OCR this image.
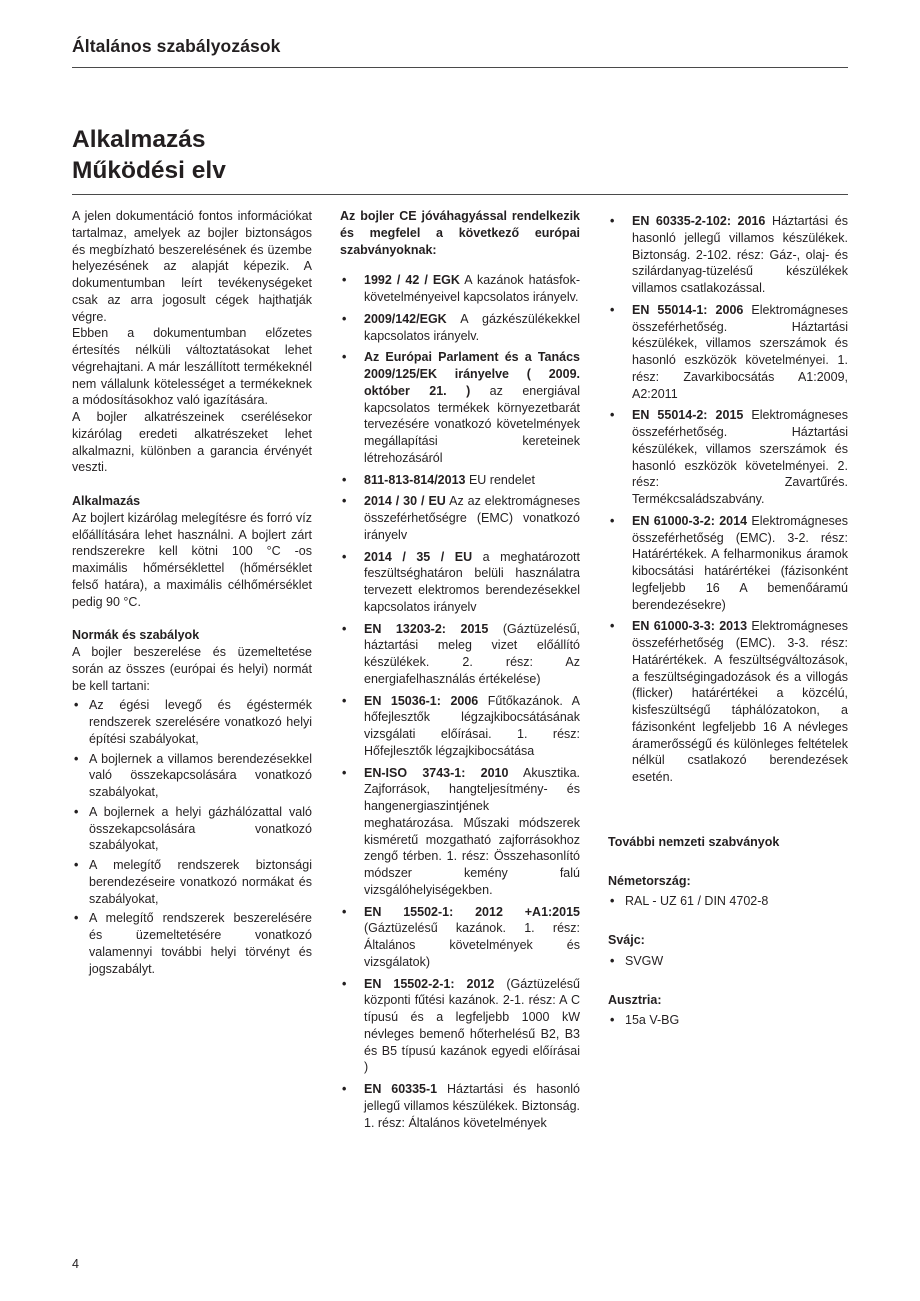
Általános szabályozások
Alkalmazás
Működési elv

A jelen dokumentáció fontos információkat tartalmaz, amelyek az bojler biztonságos és megbízható beszerelésének és üzembe helyezésének az alapját képezik. A dokumentumban leírt tevékenységeket csak az arra jogosult cégek hajthatják végre.

Ebben a dokumentumban előzetes értesítés nélküli változtatásokat lehet végrehajtani. A már leszállított termékeknél nem vállalunk kötelességet a termékeknek a módosításokhoz való igazítására.

A bojler alkatrészeinek cserélésekor kizárólag eredeti alkatrészeket lehet alkalmazni, különben a garancia érvényét veszti.

Alkalmazás

Az bojlert kizárólag melegítésre és forró víz előállítására lehet használni. A bojlert zárt rendszerekre kell kötni 100 °C -os maximális hőmérséklettel (hőmérséklet felső határa), a maximális célhőmérséklet pedig 90 °C.

Normák és szabályok

A bojler beszerelése és üzemeltetése során az összes (európai és helyi) normát be kell tartani:

• Az égési levegő és égéstermék rendszerek szerelésére vonatkozó helyi építési szabályokat,
• A bojlernek a villamos berendezésekkel való összekapcsolására vonatkozó szabályokat,
• A bojlernek a helyi gázhálózattal való összekapcsolására vonatkozó szabályokat,
• A melegítő rendszerek biztonsági berendezéseire vonatkozó normákat és szabályokat,
• A melegítő rendszerek beszerelésére és üzemeltetésére vonatkozó valamennyi további helyi törvényt és jogszabályt.

Az bojler CE jóváhagyással rendelkezik és megfelel a következő európai szabványoknak:

• 1992 / 42 / EGK A kazánok hatásfok-követelményeivel kapcsolatos irányelv.
• 2009/142/EGK A gázkészülékekkel kapcsolatos irányelv.
• Az Európai Parlament és a Tanács 2009/125/EK irányelve ( 2009. október 21. ) az energiával kapcsolatos termékek környezetbarát tervezésére vonatkozó követelmények megállapítási kereteinek létrehozásáról
• 811-813-814/2013 EU rendelet
• 2014 / 30 / EU Az az elektromágneses összeférhetőségre (EMC) vonatkozó irányelv
• 2014 / 35 / EU a meghatározott feszültséghatáron belüli használatra tervezett elektromos berendezésekkel kapcsolatos irányelv
• EN 13203-2: 2015 (Gáztüzelésű, háztartási meleg vizet előállító készülékek. 2. rész: Az energiafelhasználás értékelése)
• EN 15036-1: 2006 Fűtőkazánok. A hőfejlesztők légzajkibocsátásának vizsgálati előírásai. 1. rész: Hőfejlesztők légzajkibocsátása
• EN-ISO 3743-1: 2010 Akusztika. Zajforrások, hangteljesítmény- és hangenergiaszintjének meghatározása. Műszaki módszerek kisméretű mozgatható zajforrásokhoz zengő térben. 1. rész: Összehasonlító módszer kemény falú vizsgálóhelyiségekben.
• EN 15502-1: 2012 +A1:2015 (Gáztüzelésű kazánok. 1. rész: Általános követelmények és vizsgálatok)
• EN 15502-2-1: 2012 (Gáztüzelésű központi fűtési kazánok. 2-1. rész: A C típusú és a legfeljebb 1000 kW névleges bemenő hőterhelésű B2, B3 és B5 típusú kazánok egyedi előírásai )
• EN 60335-1 Háztartási és hasonló jellegű villamos készülékek. Biztonság. 1. rész: Általános követelmények
• EN 60335-2-102: 2016 Háztartási és hasonló jellegű villamos készülékek. Biztonság. 2-102. rész: Gáz-, olaj- és szilárdanyag-tüzelésű készülékek villamos csatlakozással.
• EN 55014-1: 2006 Elektromágneses összeférhetőség. Háztartási készülékek, villamos szerszámok és hasonló eszközök követelményei. 1. rész: Zavarkibocsátás A1:2009, A2:2011
• EN 55014-2: 2015 Elektromágneses összeférhetőség. Háztartási készülékek, villamos szerszámok és hasonló eszközök követelményei. 2. rész: Zavartűrés. Termékcsaládszabvány.
• EN 61000-3-2: 2014 Elektromágneses összeférhetőség (EMC). 3-2. rész: Határértékek. A felharmonikus áramok kibocsátási határértékei (fázisonként legfeljebb 16 A bemenőáramú berendezésekre)
• EN 61000-3-3: 2013 Elektromágneses összeférhetőség (EMC). 3-3. rész: Határértékek. A feszültségváltozások, a feszültségingadozások és a villogás (flicker) határértékei a közcélú, kisfeszültségű táphálózatokon, a fázisonként legfeljebb 16 A névleges áramerősségű és különleges feltételek nélkül csatlakozó berendezések esetén.

További nemzeti szabványok

Németország:
• RAL - UZ 61 / DIN 4702-8
Svájc:
• SVGW
Ausztria:
• 15a V-BG
4
